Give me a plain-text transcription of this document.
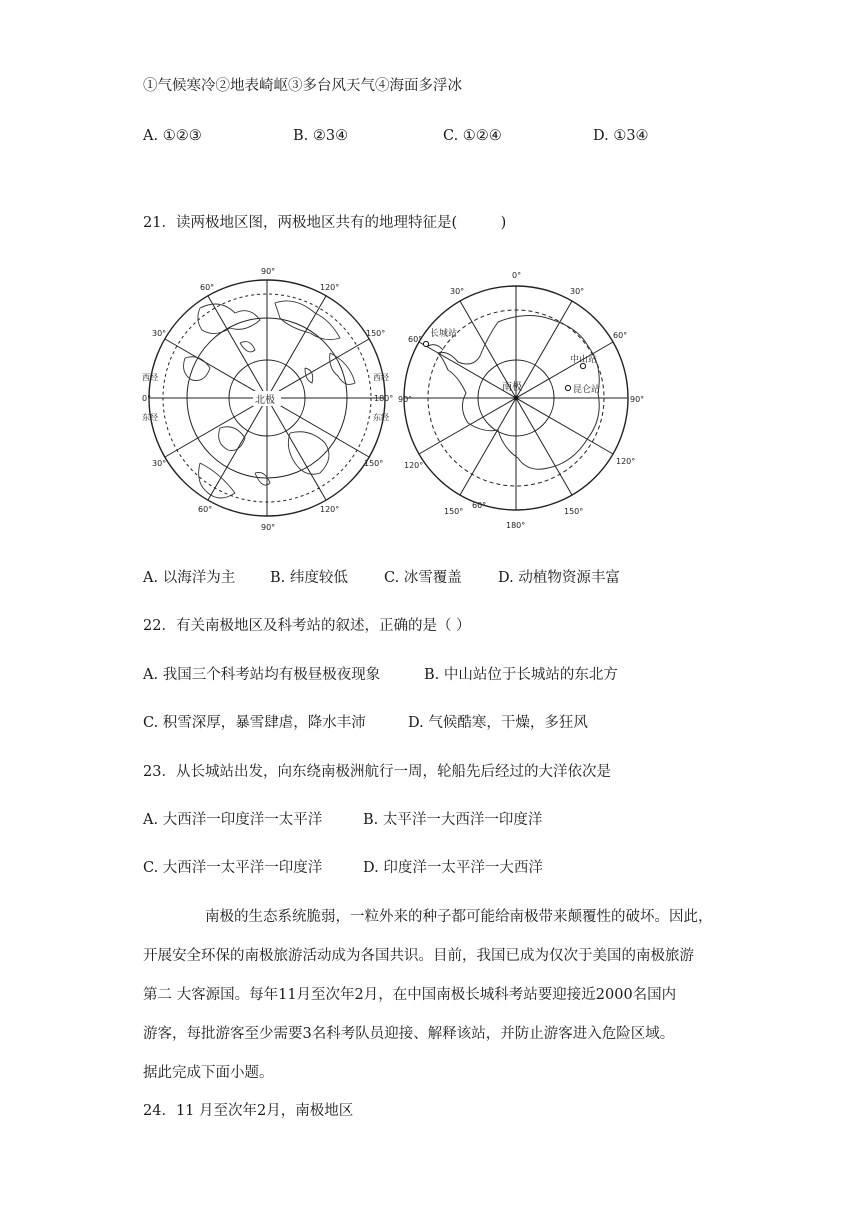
①气候寒冷②地表崎岖③多台风天气④海面多浮冰
A. ①②③	B. ②3④	C. ①②④	D. ①3④
21．读两极地区图，两极地区共有的地理特征是(　　　)
90°
60°	120°
30°	150°
西经
0°
东经
西经
180°
东经
30°	150°
60°	120°
90°
北极
0°
30°	30°
60°	60°
90°	90°
120°	120°
150°
60°
150°
180°
长城站
中山站
昆仑站
南极
A. 以海洋为主 B. 纬度较低 C. 冰雪覆盖 D. 动植物资源丰富
22．有关南极地区及科考站的叙述，正确的是（ ）
A. 我国三个科考站均有极昼极夜现象	B. 中山站位于长城站的东北方
C. 积雪深厚，暴雪肆虐，降水丰沛	D. 气候酷寒，干燥，多狂风
23．从长城站出发，向东绕南极洲航行一周，轮船先后经过的大洋依次是
A. 大西洋一印度洋一太平洋	B. 太平洋一大西洋一印度洋
C. 大西洋一太平洋一印度洋	D. 印度洋一太平洋一大西洋
南极的生态系统脆弱，一粒外来的种子都可能给南极带来颠覆性的破坏。因此，
开展安全环保的南极旅游活动成为各国共识。目前，我国已成为仅次于美国的南极旅游
第二 大客源国。每年11月至次年2月，在中国南极长城科考站要迎接近2000名国内
游客，每批游客至少需要3名科考队员迎接、解释该站，并防止游客进入危险区域。
据此完成下面小题。
24．11 月至次年2月，南极地区
